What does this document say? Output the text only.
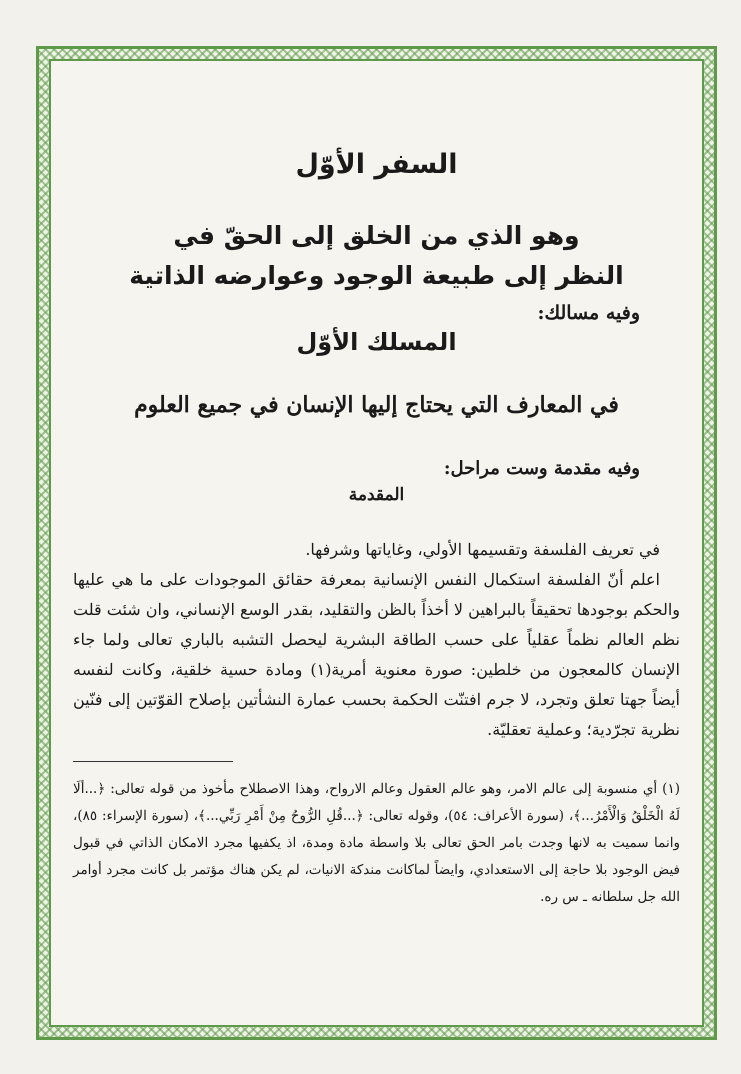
السفر الأوّل
وهو الذي من الخلق إلى الحقّ في
النظر إلى طبيعة الوجود وعوارضه الذاتية
وفيه مسالك:
المسلك الأوّل
في المعارف التي يحتاج إليها الإنسان في جميع العلوم
وفيه مقدمة وست مراحل:
المقدمة

في تعريف الفلسفة وتقسيمها الأولي، وغاياتها وشرفها.

اعلم أنّ الفلسفة استكمال النفس الإنسانية بمعرفة حقائق الموجودات على ما هي عليها والحكم بوجودها تحقيقاً بالبراهين لا أخذاً بالظن والتقليد، بقدر الوسع الإنساني، وان شئت قلت نظم العالم نظماً عقلياً على حسب الطاقة البشرية ليحصل التشبه بالباري تعالى ولما جاء الإنسان كالمعجون من خلطين: صورة معنوية أمرية(١) ومادة حسية خلقية، وكانت لنفسه أيضاً جهتا تعلق وتجرد، لا جرم افتنّت الحكمة بحسب عمارة النشأتين بإصلاح القوّتين إلى فنّين نظرية تجرّدية؛ وعملية تعقليّة.

(١) أي منسوبة إلى عالم الامر، وهو عالم العقول وعالم الارواح، وهذا الاصطلاح مأخوذ من قوله تعالى: ﴿...ألَا لَهُ الْخَلْقُ وَالْأَمْرُ...﴾، (سورة الأعراف: ٥٤)، وقوله تعالى: ﴿...قُلِ الرُّوحُ مِنْ أَمْرِ رَبِّي...﴾، (سورة الإسراء: ٨٥)، وانما سميت به لانها وجدت بامر الحق تعالى بلا واسطة مادة ومدة، اذ يكفيها مجرد الامكان الذاتي في قبول فيض الوجود بلا حاجة إلى الاستعدادي، وايضاً لماكانت مندكة الانيات، لم يكن هناك مؤتمر بل كانت مجرد أوامر الله جل سلطانه ـ س ره.
